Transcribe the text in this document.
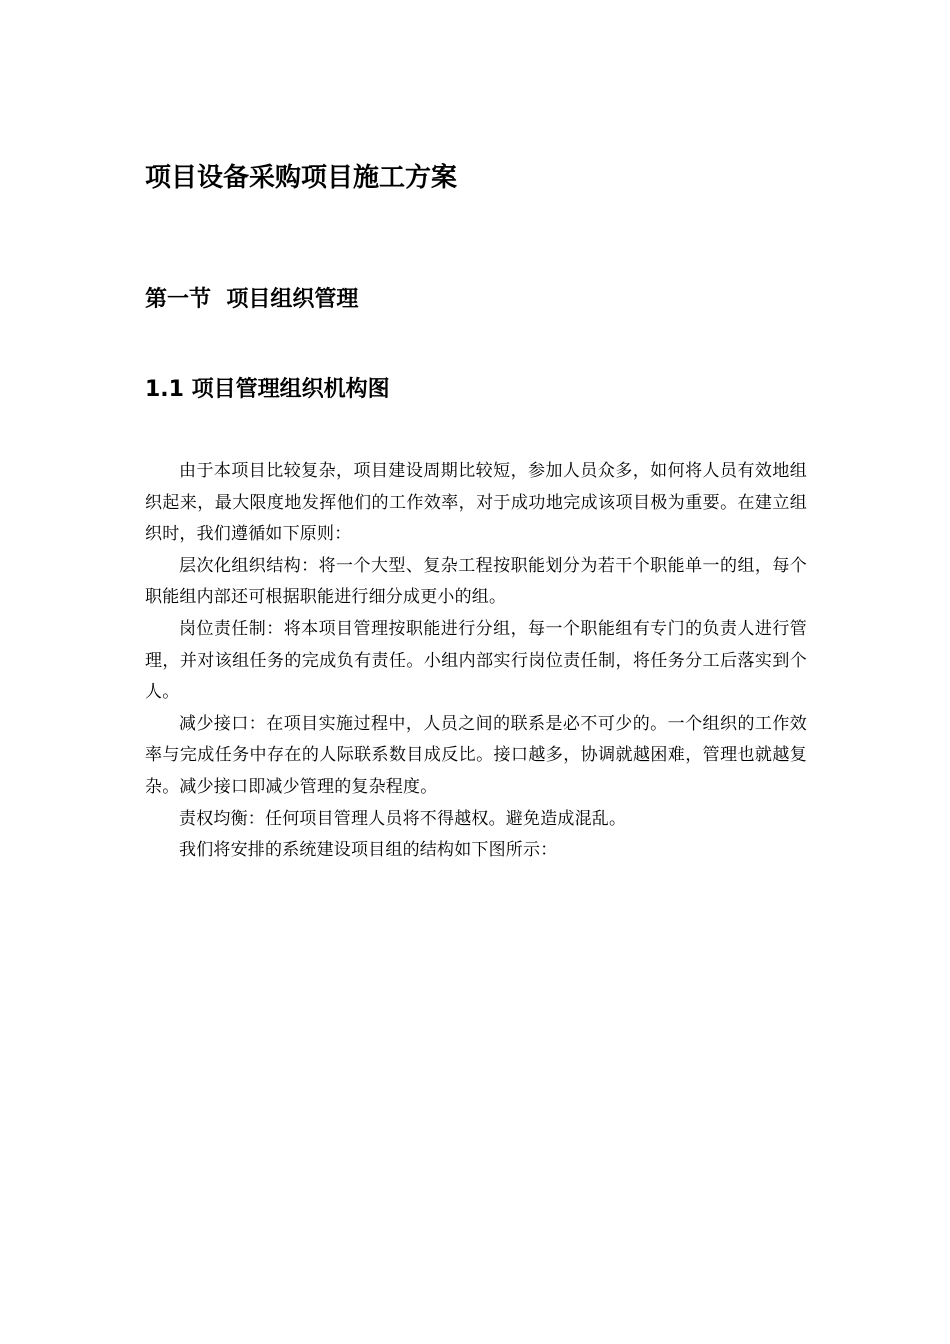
项目设备采购项目施工方案
第一节  项目组织管理
1.1 项目管理组织机构图

由于本项目比较复杂，项目建设周期比较短，参加人员众多，如何将人员有效地组织起来，最大限度地发挥他们的工作效率，对于成功地完成该项目极为重要。在建立组织时，我们遵循如下原则：

层次化组织结构：将一个大型、复杂工程按职能划分为若干个职能单一的组，每个职能组内部还可根据职能进行细分成更小的组。

岗位责任制：将本项目管理按职能进行分组，每一个职能组有专门的负责人进行管理，并对该组任务的完成负有责任。小组内部实行岗位责任制，将任务分工后落实到个人。

减少接口：在项目实施过程中，人员之间的联系是必不可少的。一个组织的工作效率与完成任务中存在的人际联系数目成反比。接口越多，协调就越困难，管理也就越复杂。减少接口即减少管理的复杂程度。

责权均衡：任何项目管理人员将不得越权。避免造成混乱。

我们将安排的系统建设项目组的结构如下图所示：
